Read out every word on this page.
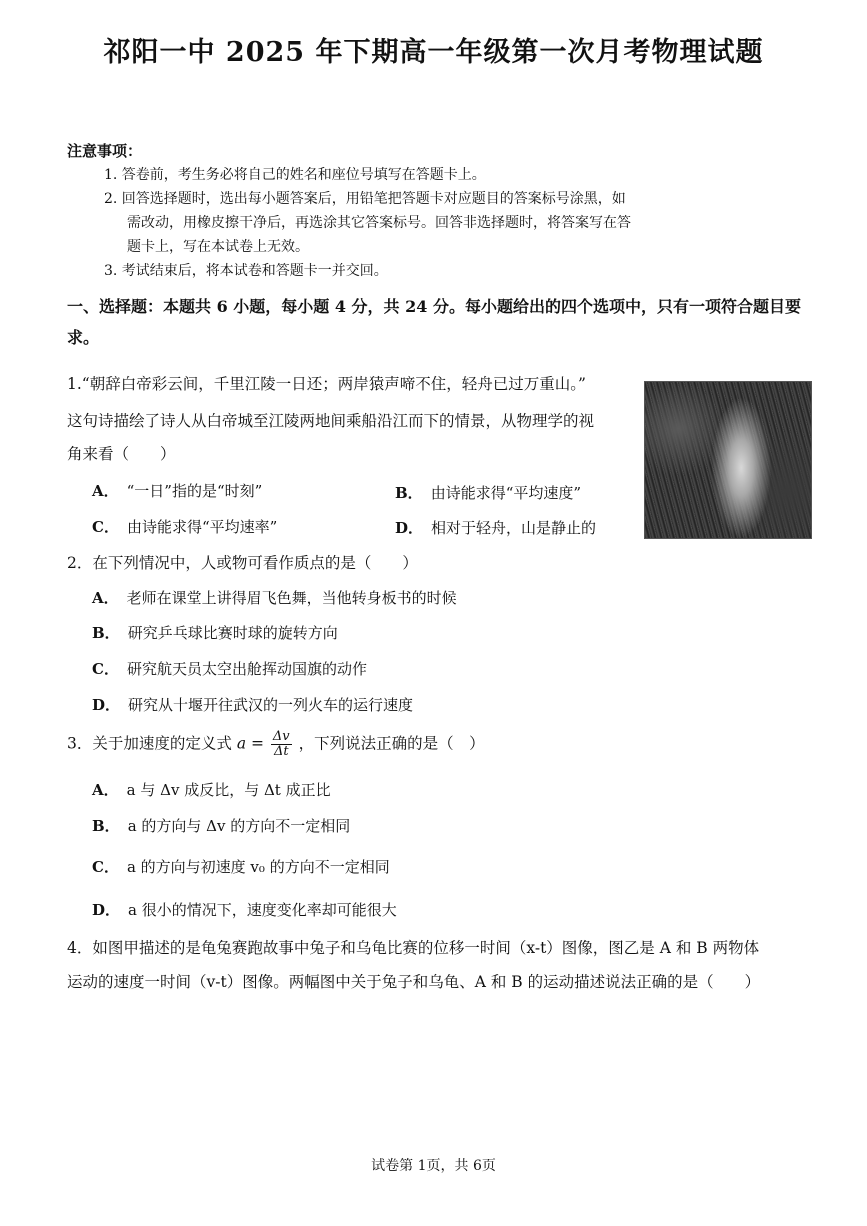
祁阳一中 2025 年下期高一年级第一次月考物理试题
注意事项：
1. 答卷前，考生务必将自己的姓名和座位号填写在答题卡上。
2. 回答选择题时，选出每小题答案后，用铅笔把答题卡对应题目的答案标号涂黑，如
需改动，用橡皮擦干净后，再选涂其它答案标号。回答非选择题时，将答案写在答
题卡上，写在本试卷上无效。
3. 考试结束后，将本试卷和答题卡一并交回。
一、选择题：本题共 6 小题，每小题 4 分，共 24 分。每小题给出的四个选项中，只有一项符合题目要求。
1.“朝辞白帝彩云间，千里江陵一日还；两岸猿声啼不住，轻舟已过万重山。”
这句诗描绘了诗人从白帝城至江陵两地间乘船沿江而下的情景，从物理学的视
角来看（　　）
A． “一日”指的是“时刻”	B． 由诗能求得“平均速度”
C． 由诗能求得“平均速率”	D． 相对于轻舟，山是静止的
2．在下列情况中，人或物可看作质点的是（　　）
A． 老师在课堂上讲得眉飞色舞，当他转身板书的时候
B． 研究乒乓球比赛时球的旋转方向
C． 研究航天员太空出舱挥动国旗的动作
D． 研究从十堰开往武汉的一列火车的运行速度
3．关于加速度的定义式 $a = \frac{\Delta v}{\Delta t}$ ，下列说法正确的是（　）
A． a 与 Δv 成反比，与 Δt 成正比
B． a 的方向与 Δv 的方向不一定相同
C． a 的方向与初速度 v₀ 的方向不一定相同
D． a 很小的情况下，速度变化率却可能很大
4．如图甲描述的是龟兔赛跑故事中兔子和乌龟比赛的位移一时间（x-t）图像，图乙是 A 和 B 两物体
运动的速度一时间（v-t）图像。两幅图中关于兔子和乌龟、A 和 B 的运动描述说法正确的是（　　）
试卷第 1页，共 6页
